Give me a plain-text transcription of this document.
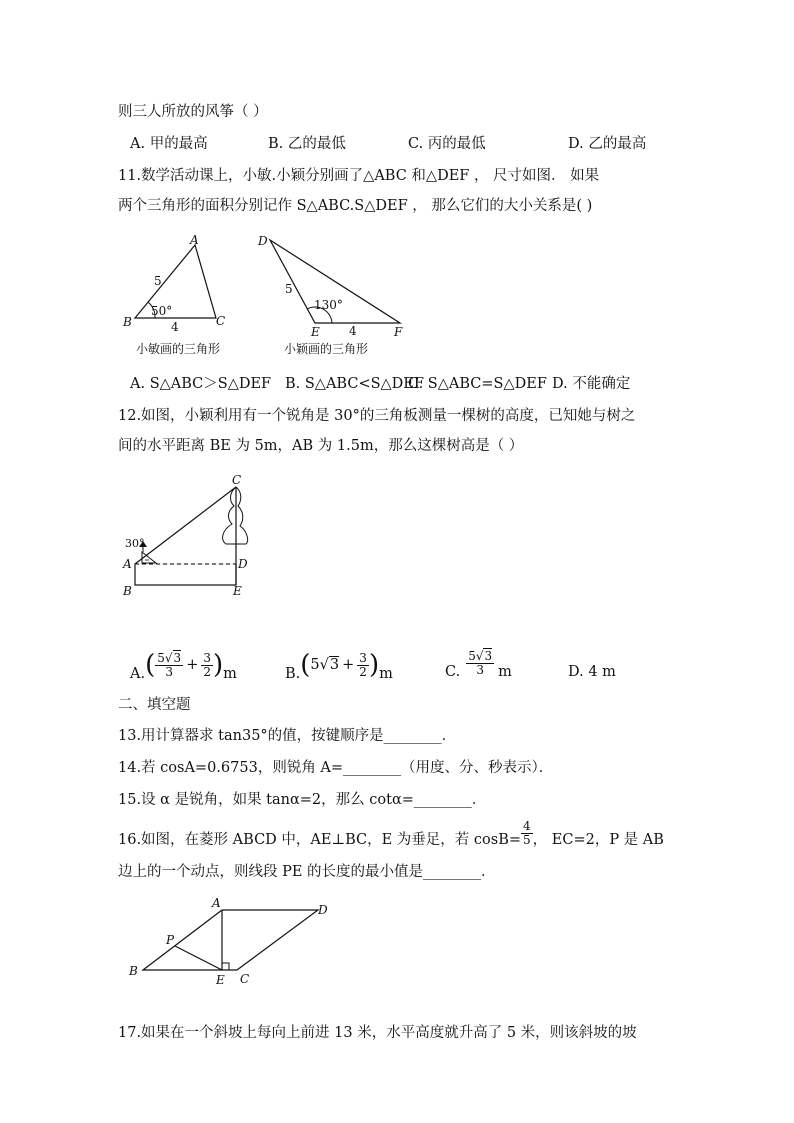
则三人所放的风筝（ ）
A. 甲的最高	B. 乙的最低	C. 丙的最低	D. 乙的最高
11.数学活动课上，小敏.小颖分别画了△ABC 和△DEF ， 尺寸如图． 如果
两个三角形的面积分别记作 S△ABC.S△DEF ， 那么它们的大小关系是( )
A
B	C
5
4
50°
小敏画的三角形
D
E	F
5
4
130°
小颖画的三角形
A. S△ABC＞S△DEF B. S△ABC<S△DEF
C. S△ABC=S△DEF D. 不能确定
12.如图，小颖利用有一个锐角是 30°的三角板测量一棵树的高度，已知她与树之
间的水平距离 BE 为 5m，AB 为 1.5m，那么这棵树高是（ ）
C
A	D
B	E
30°
A. ( $\frac{5√3}{3} + \frac{3}{2}$ ) m	B. ( $5√3 + \frac{3}{2}$ ) m	C. $\frac{5√3}{3}$ m	D. 4 m
二、填空题
13.用计算器求 tan35°的值，按键顺序是________．
14.若 cosA=0.6753，则锐角 A=________（用度、分、秒表示）．
15.设 α 是锐角，如果 tanα=2，那么 cotα=________．
16.如图，在菱形 ABCD 中，AE⊥BC，E 为垂足，若 $\cos B= \frac{4}{5}$ ， EC=2，P 是 AB
边上的一个动点，则线段 PE 的长度的最小值是________．
A	D
P
B
E C
17.如果在一个斜坡上每向上前进 13 米，水平高度就升高了 5 米，则该斜坡的坡
